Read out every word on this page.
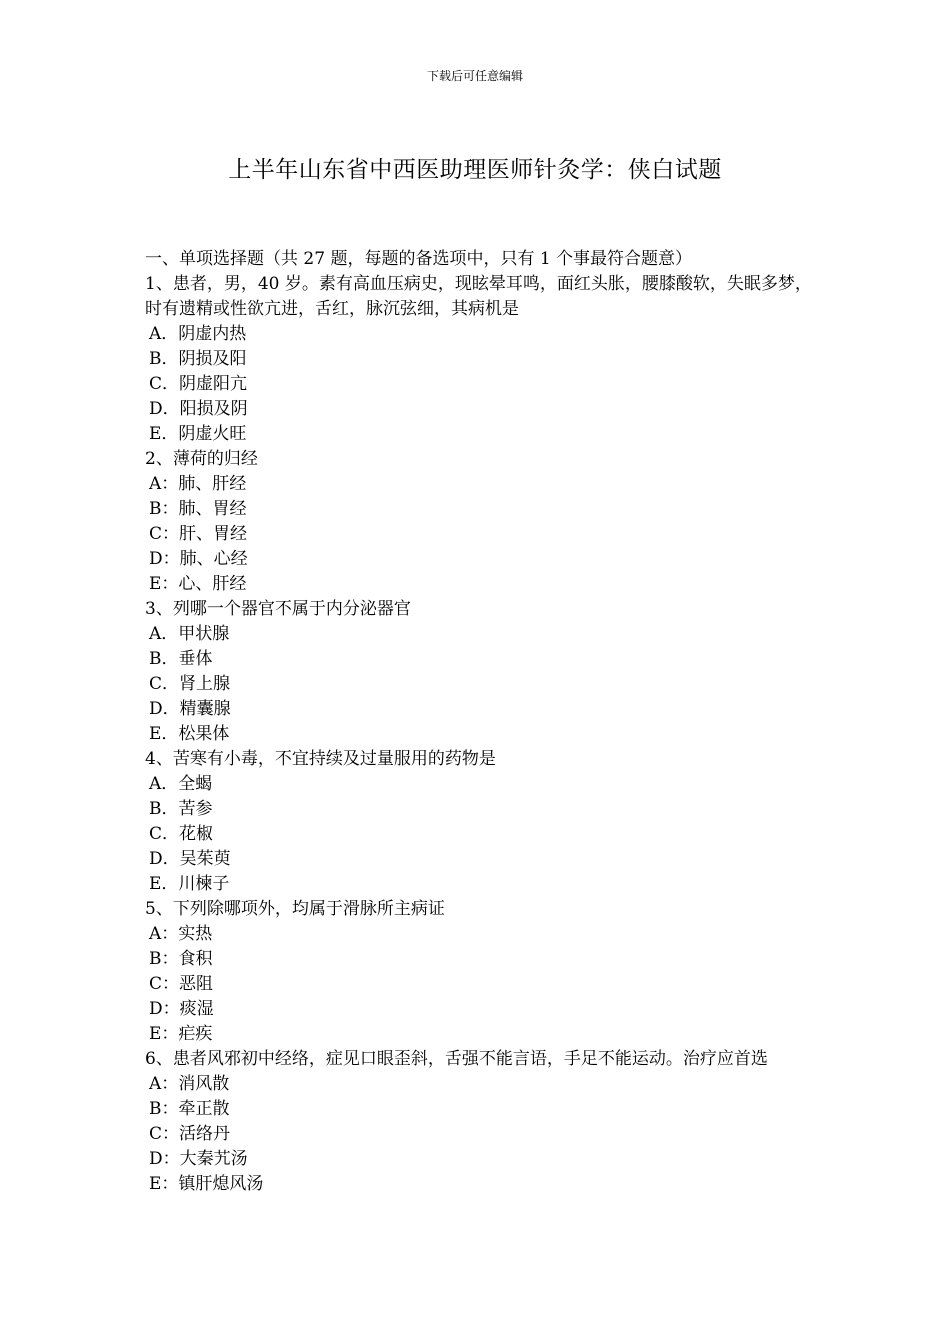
下载后可任意编辑
上半年山东省中西医助理医师针灸学：侠白试题

一、单项选择题（共 27 题，每题的备选项中，只有 1 个事最符合题意）

1、患者，男，40 岁。素有高血压病史，现眩晕耳鸣，面红头胀，腰膝酸软，失眠多梦，时有遗精或性欲亢进，舌红，脉沉弦细，其病机是

A．阴虚内热

B．阴损及阳

C．阴虚阳亢

D．阳损及阴

E．阴虚火旺

2、薄荷的归经

A：肺、肝经

B：肺、胃经

C：肝、胃经

D：肺、心经

E：心、肝经

3、列哪一个器官不属于内分泌器官

A．甲状腺

B．垂体

C．肾上腺

D．精囊腺

E．松果体

4、苦寒有小毒，不宜持续及过量服用的药物是

A．全蝎

B．苦参

C．花椒

D．吴茱萸

E．川楝子

5、下列除哪项外，均属于滑脉所主病证

A：实热

B：食积

C：恶阻

D：痰湿

E：疟疾

6、患者风邪初中经络，症见口眼歪斜，舌强不能言语，手足不能运动。治疗应首选

A：消风散

B：牵正散

C：活络丹

D：大秦艽汤

E：镇肝熄风汤
